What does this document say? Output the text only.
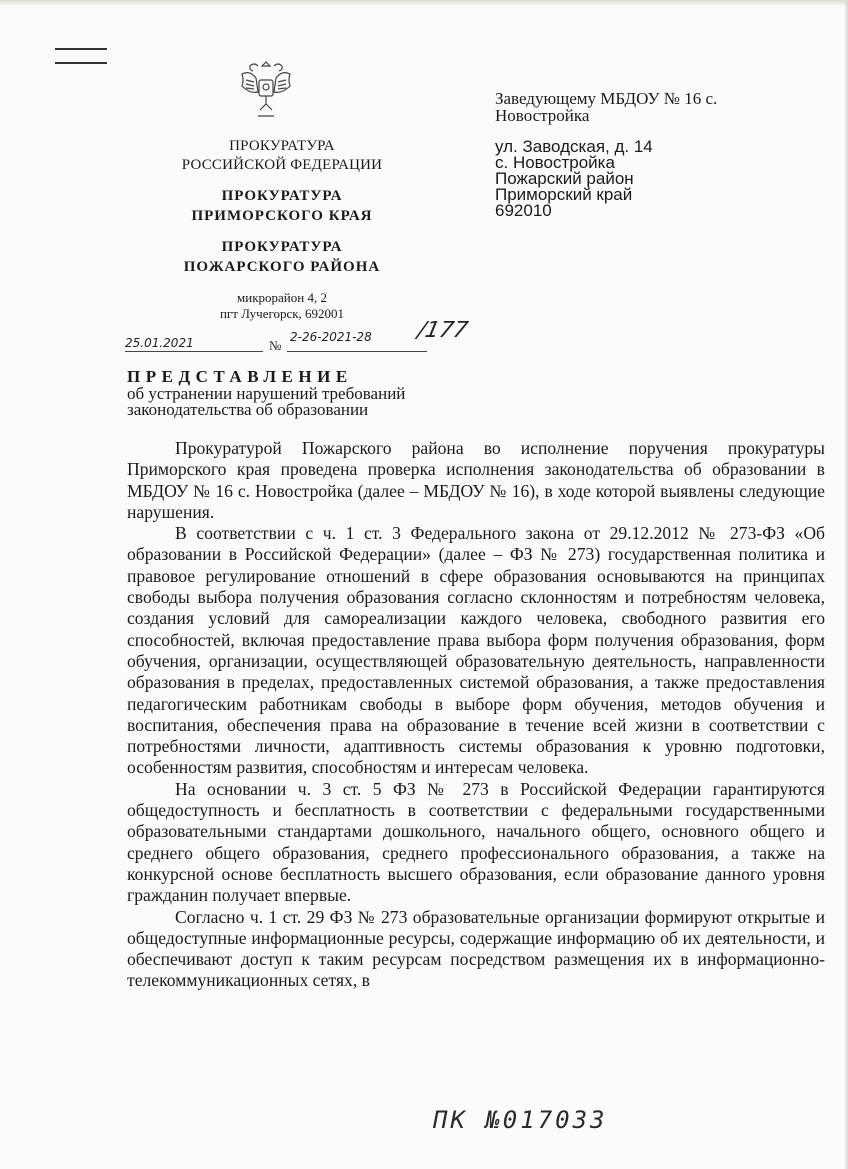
ПРОКУРАТУРА
РОССИЙСКОЙ ФЕДЕРАЦИИ
ПРОКУРАТУРА
ПРИМОРСКОГО КРАЯ
ПРОКУРАТУРА
ПОЖАРСКОГО РАЙОНА
микрорайон 4, 2
пгт Лучегорск, 692001
Заведующему МБДОУ № 16 с.
Новостройка
ул. Заводская, д. 14
с. Новостройка
Пожарский район
Приморский край
692010
25.01.2021	№
2-26-2021-28 /177
ПРЕДСТАВЛЕНИЕ
об устранении нарушений требований
законодательства об образовании

Прокуратурой Пожарского района во исполнение поручения прокуратуры Приморского края проведена проверка исполнения законодательства об образовании в МБДОУ № 16 с. Новостройка (далее – МБДОУ № 16), в ходе которой выявлены следующие нарушения.

В соответствии с ч. 1 ст. 3 Федерального закона от 29.12.2012 № 273-ФЗ «Об образовании в Российской Федерации» (далее – ФЗ № 273) государственная политика и правовое регулирование отношений в сфере образования основываются на принципах свободы выбора получения образования согласно склонностям и потребностям человека, создания условий для самореализации каждого человека, свободного развития его способностей, включая предоставление права выбора форм получения образования, форм обучения, организации, осуществляющей образовательную деятельность, направленности образования в пределах, предоставленных системой образования, а также предоставления педагогическим работникам свободы в выборе форм обучения, методов обучения и воспитания, обеспечения права на образование в течение всей жизни в соответствии с потребностями личности, адаптивность системы образования к уровню подготовки, особенностям развития, способностям и интересам человека.

На основании ч. 3 ст. 5 ФЗ № 273 в Российской Федерации гарантируются общедоступность и бесплатность в соответствии с федеральными государственными образовательными стандартами дошкольного, начального общего, основного общего и среднего общего образования, среднего профессионального образования, а также на конкурсной основе бесплатность высшего образования, если образование данного уровня гражданин получает впервые.

Согласно ч. 1 ст. 29 ФЗ № 273 образовательные организации формируют открытые и общедоступные информационные ресурсы, содержащие информацию об их деятельности, и обеспечивают доступ к таким ресурсам посредством размещения их в информационно-телекоммуникационных сетях, в

ПК №017033
